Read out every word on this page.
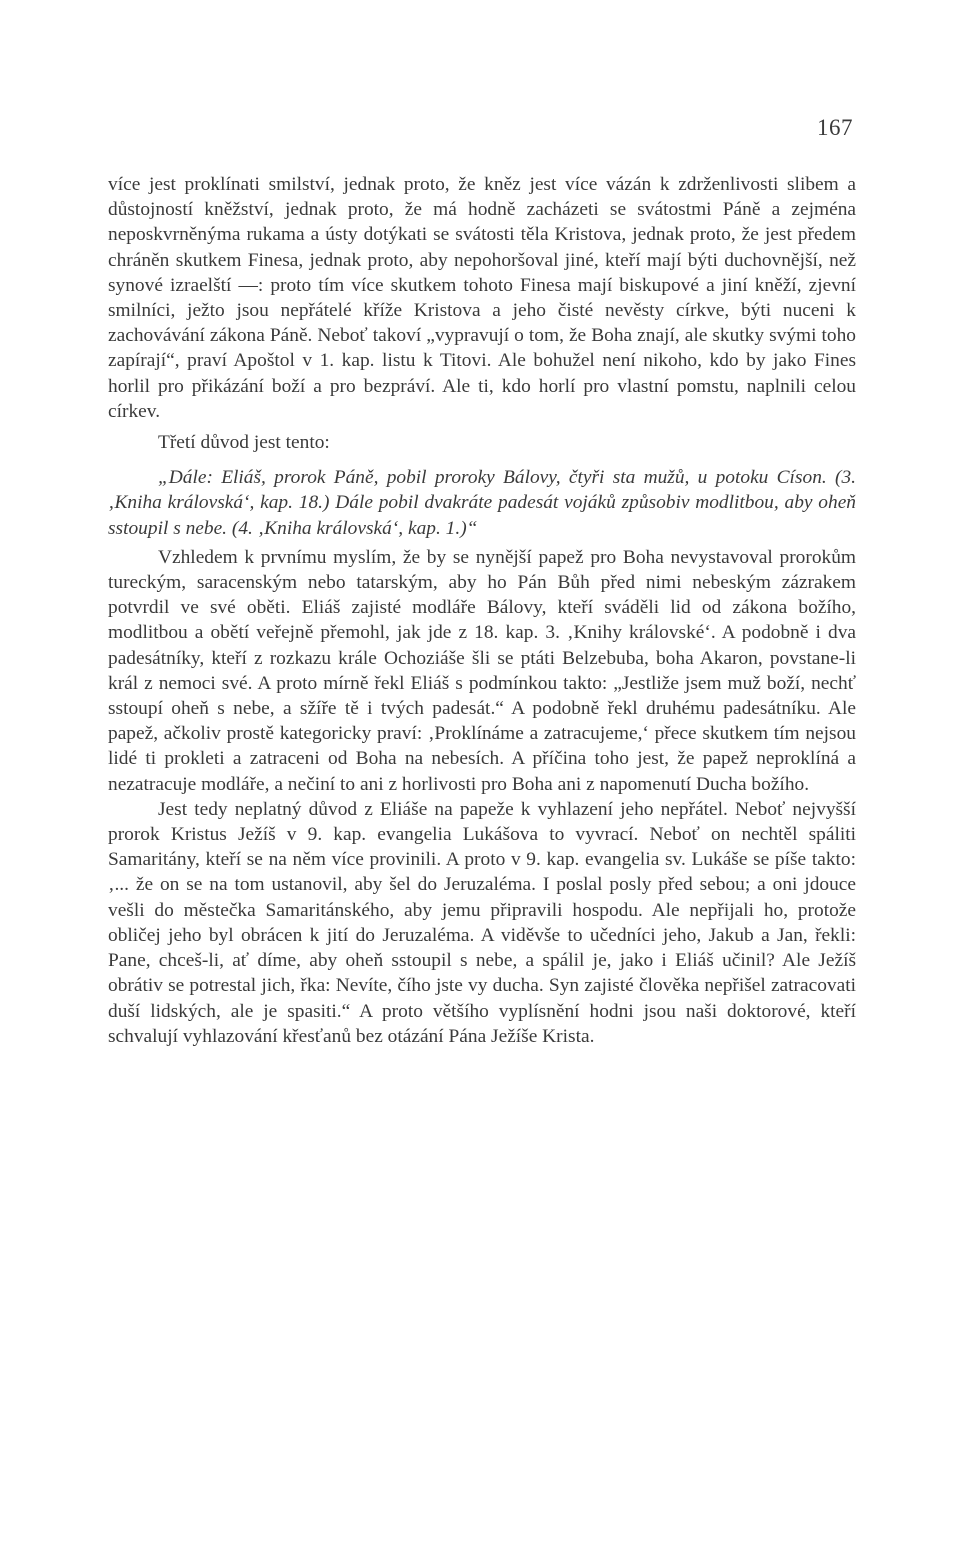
167

více jest proklínati smilství, jednak proto, že kněz jest více vázán k zdrženlivosti slibem a důstojností kněžství, jednak proto, že má hodně zacházeti se svátostmi Páně a zejména neposkvrněnýma rukama a ústy dotýkati se svátosti těla Kristova, jednak proto, že jest předem chráněn skutkem Finesa, jednak proto, aby nepohoršoval jiné, kteří mají býti duchovnější, než synové izraelští —: proto tím více skutkem tohoto Finesa mají biskupové a jiní kněží, zjevní smilníci, ježto jsou nepřátelé kříže Kristova a jeho čisté nevěsty církve, býti nuceni k zachovávání zákona Páně. Neboť takoví „vypravují o tom, že Boha znají, ale skutky svými toho zapírají“, praví Apoštol v 1. kap. listu k Titovi. Ale bohužel není nikoho, kdo by jako Fines horlil pro přikázání boží a pro bezpráví. Ale ti, kdo horlí pro vlastní pomstu, naplnili celou církev.

Třetí důvod jest tento:

„Dále: Eliáš, prorok Páně, pobil proroky Bálovy, čtyři sta mužů, u potoku Císon. (3. ‚Kniha královská‘, kap. 18.) Dále pobil dvakráte padesát vojáků způsobiv modlitbou, aby oheň sstoupil s nebe. (4. ‚Kniha královská‘, kap. 1.)“

Vzhledem k prvnímu myslím, že by se nynější papež pro Boha nevystavoval prorokům tureckým, saracenským nebo tatarským, aby ho Pán Bůh před nimi nebeským zázrakem potvrdil ve své oběti. Eliáš zajisté modláře Bálovy, kteří sváděli lid od zákona božího, modlitbou a obětí veřejně přemohl, jak jde z 18. kap. 3. ‚Knihy královské‘. A podobně i dva padesátníky, kteří z rozkazu krále Ochoziáše šli se ptáti Belzebuba, boha Akaron, povstane-li král z nemoci své. A proto mírně řekl Eliáš s podmínkou takto: „Jestliže jsem muž boží, nechť sstoupí oheň s nebe, a sžíře tě i tvých padesát.“ A podobně řekl druhému padesátníku. Ale papež, ačkoliv prostě kategoricky praví: ‚Proklínáme a zatracujeme,‘ přece skutkem tím nejsou lidé ti prokleti a zatraceni od Boha na nebesích. A příčina toho jest, že papež neproklíná a nezatracuje modláře, a nečiní to ani z horlivosti pro Boha ani z napomenutí Ducha božího.

Jest tedy neplatný důvod z Eliáše na papeže k vyhlazení jeho nepřátel. Neboť nejvyšší prorok Kristus Ježíš v 9. kap. evangelia Lukášova to vyvrací. Neboť on nechtěl spáliti Samaritány, kteří se na něm více provinili. A proto v 9. kap. evangelia sv. Lukáše se píše takto: ‚... že on se na tom ustanovil, aby šel do Jeruzaléma. I poslal posly před sebou; a oni jdouce vešli do městečka Samaritánského, aby jemu připravili hospodu. Ale nepřijali ho, protože obličej jeho byl obrácen k jití do Jeruzaléma. A viděvše to učedníci jeho, Jakub a Jan, řekli: Pane, chceš-li, ať díme, aby oheň sstoupil s nebe, a spálil je, jako i Eliáš učinil? Ale Ježíš obrátiv se potrestal jich, řka: Nevíte, čího jste vy ducha. Syn zajisté člověka nepřišel zatracovati duší lidských, ale je spasiti.“ A proto většího vyplísnění hodni jsou naši doktorové, kteří schvalují vyhlazování křesťanů bez otázání Pána Ježíše Krista.
